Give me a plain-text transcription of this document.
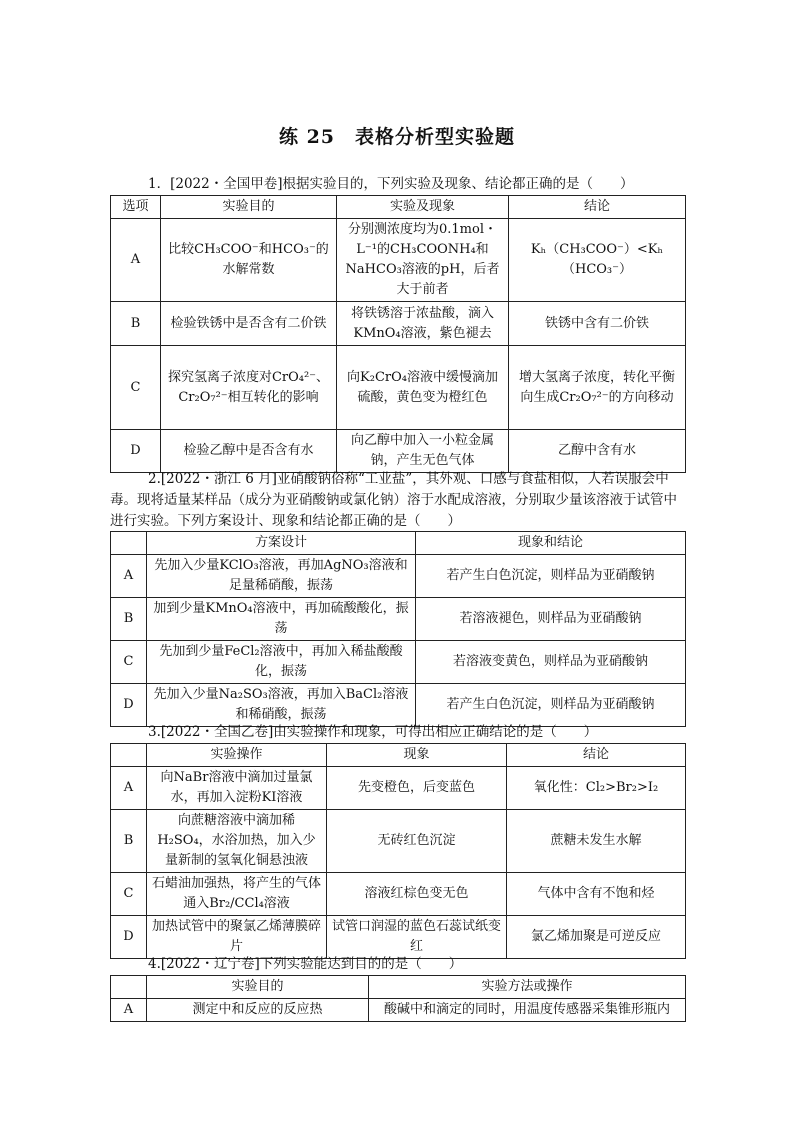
练 25　表格分析型实验题
1．[2022・全国甲卷]根据实验目的，下列实验及现象、结论都正确的是（　　）
选项	实验目的	实验及现象	结论
A	比较CH₃COO⁻和HCO₃⁻的水解常数	分别测浓度均为0.1mol・L⁻¹的CH₃COONH₄和NaHCO₃溶液的pH，后者大于前者	Kₕ（CH₃COO⁻）<Kₕ（HCO₃⁻）
B	检验铁锈中是否含有二价铁	将铁锈溶于浓盐酸，滴入KMnO₄溶液，紫色褪去	铁锈中含有二价铁
C	探究氢离子浓度对CrO₄²⁻、Cr₂O₇²⁻相互转化的影响	向K₂CrO₄溶液中缓慢滴加硫酸，黄色变为橙红色	增大氢离子浓度，转化平衡向生成Cr₂O₇²⁻的方向移动
D	检验乙醇中是否含有水	向乙醇中加入一小粒金属钠，产生无色气体	乙醇中含有水
2.[2022・浙江 6 月]亚硝酸钠俗称“工业盐”，其外观、口感与食盐相似，人若误服会中毒。现将适量某样品（成分为亚硝酸钠或氯化钠）溶于水配成溶液，分别取少量该溶液于试管中进行实验。下列方案设计、现象和结论都正确的是（　　）
	方案设计	现象和结论
A	先加入少量KClO₃溶液，再加AgNO₃溶液和足量稀硝酸，振荡	若产生白色沉淀，则样品为亚硝酸钠
B	加到少量KMnO₄溶液中，再加硫酸酸化，振荡	若溶液褪色，则样品为亚硝酸钠
C	先加到少量FeCl₂溶液中，再加入稀盐酸酸化，振荡	若溶液变黄色，则样品为亚硝酸钠
D	先加入少量Na₂SO₃溶液，再加入BaCl₂溶液和稀硝酸，振荡	若产生白色沉淀，则样品为亚硝酸钠
3.[2022・全国乙卷]由实验操作和现象，可得出相应正确结论的是（　　）
	实验操作	现象	结论
A	向NaBr溶液中滴加过量氯水，再加入淀粉KI溶液	先变橙色，后变蓝色	氧化性：Cl₂>Br₂>I₂
B	向蔗糖溶液中滴加稀H₂SO₄，水浴加热，加入少量新制的氢氧化铜悬浊液	无砖红色沉淀	蔗糖未发生水解
C	石蜡油加强热，将产生的气体通入Br₂/CCl₄溶液	溶液红棕色变无色	气体中含有不饱和烃
D	加热试管中的聚氯乙烯薄膜碎片	试管口润湿的蓝色石蕊试纸变红	氯乙烯加聚是可逆反应
4.[2022・辽宁卷]下列实验能达到目的的是（　　）
	实验目的	实验方法或操作
A	测定中和反应的反应热	酸碱中和滴定的同时，用温度传感器采集锥形瓶内
